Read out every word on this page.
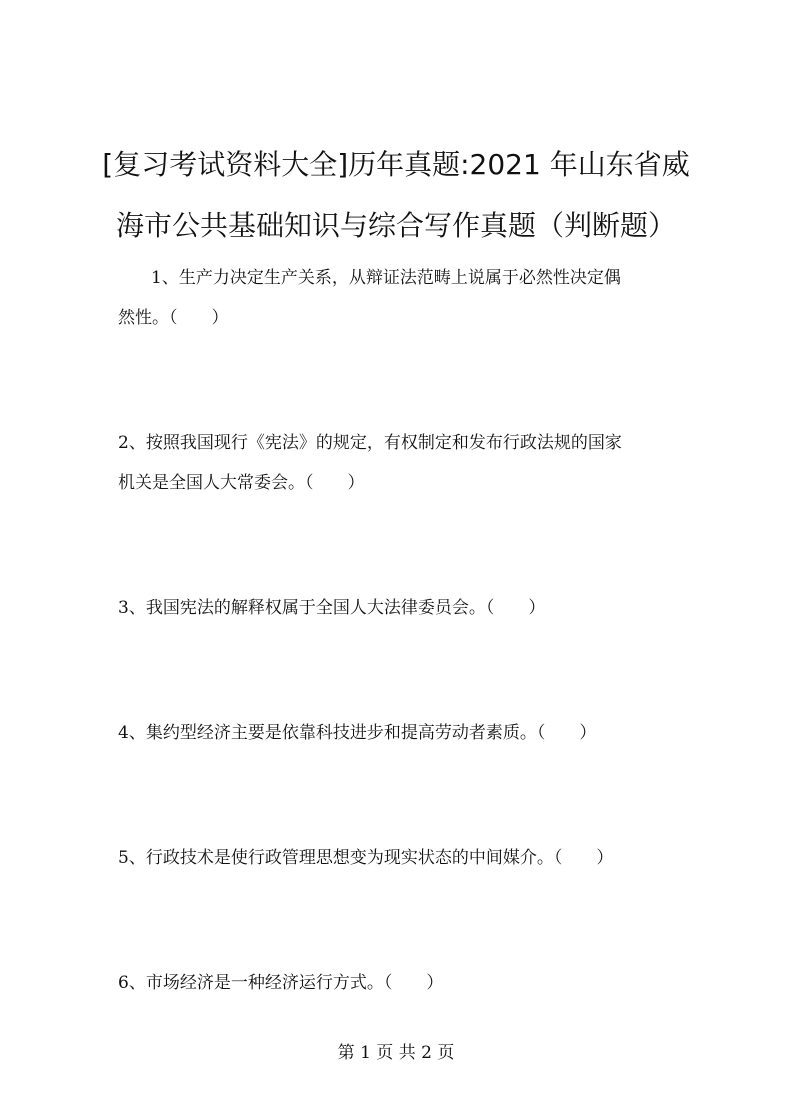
[复习考试资料大全]历年真题:2021 年山东省威
海市公共基础知识与综合写作真题（判断题）
1、生产力决定生产关系，从辩证法范畴上说属于必然性决定偶
然性。（　　）
2、按照我国现行《宪法》的规定，有权制定和发布行政法规的国家
机关是全国人大常委会。（　　）
3、我国宪法的解释权属于全国人大法律委员会。（　　）
4、集约型经济主要是依靠科技进步和提高劳动者素质。（　　）
5、行政技术是使行政管理思想变为现实状态的中间媒介。（　　）
6、市场经济是一种经济运行方式。（　　）
第 1 页 共 2 页
